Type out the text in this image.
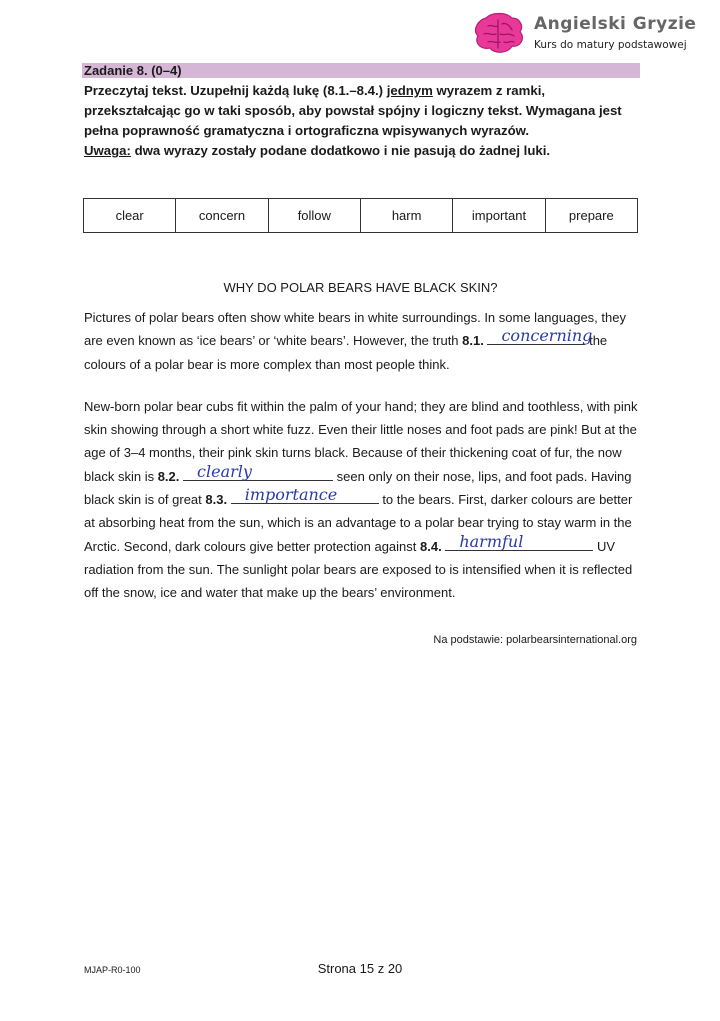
Angielski Gryzie
Kurs do matury podstawowej
Zadanie 8. (0–4)

Przeczytaj tekst. Uzupełnij każdą lukę (8.1.–8.4.) jednym wyrazem z ramki, przekształcając go w taki sposób, aby powstał spójny i logiczny tekst. Wymagana jest pełna poprawność gramatyczna i ortograficzna wpisywanych wyrazów.

Uwaga: dwa wyrazy zostały podane dodatkowo i nie pasują do żadnej luki.

clear	concern	follow	harm	important	prepare
WHY DO POLAR BEARS HAVE BLACK SKIN?

Pictures of polar bears often show white bears in white surroundings. In some languages, they are even known as ‘ice bears’ or ‘white bears’. However, the truth 8.1. concerning
the colours of a polar bear is more complex than most people think.

New-born polar bear cubs fit within the palm of your hand; they are blind and toothless, with pink skin showing through a short white fuzz. Even their little noses and foot pads are pink! But at the age of 3–4 months, their pink skin turns black. Because of their thickening coat of fur, the now black skin is 8.2. clearly	seen only on their nose, lips, and foot pads. Having black skin is of great 8.3. importance	to the bears. First, darker colours are better at absorbing heat from the sun, which is an advantage to a polar bear trying to stay warm in the Arctic. Second, dark colours give better protection against 8.4. harmful	UV radiation from the sun. The sunlight polar bears are exposed to is intensified when it is reflected off the snow, ice and water that make up the bears’ environment.

Na podstawie: polarbearsinternational.org
MJAP-R0-100	Strona 15 z 20
